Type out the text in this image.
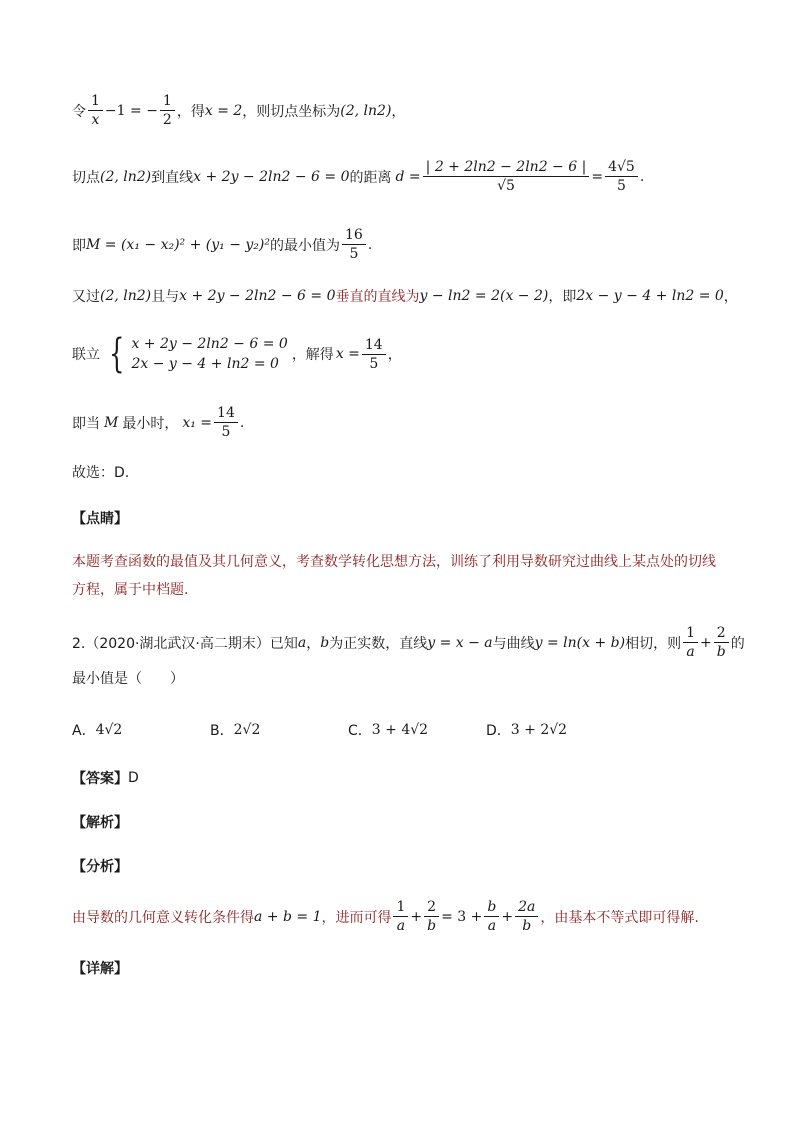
令 $\frac{1}{x} -1$ = − $\frac{1}{2}$ ，得 x = 2 ，则切点坐标为 (2, ln2) ，
切点 (2, ln2) 到直线 x + 2y − 2ln2 − 6 = 0 的距离 $d = \frac{| 2 + 2\ln 2 - 2\ln 2 - 6 |}{√5} = \frac{4√5}{5}$ .
即 M = (x₁ − x₂)² + (y₁ − y₂)² 的最小值为 $\frac{16}{5}$ .
又过 (2, ln2) 且与 x + 2y − 2ln2 − 6 = 0 垂直的直线为 y − ln2 = 2(x − 2) ，即 2x − y − 4 + ln2 = 0 ，
联立 { x + 2y − 2ln2 − 6 = 0
2x − y − 4 + ln2 = 0
，解得 $x = \frac{14}{5}$ ，
即当 M 最小时， $x_1 = \frac{14}{5}$ .
故选：D.
【点睛】
本题考查函数的最值及其几何意义，考查数学转化思想方法，训练了利用导数研究过曲线上某点处的切线方程，属于中档题.
2.（2020·湖北武汉·高二期末）已知 a ， b 为正实数，直线 y = x − a 与曲线 y = ln(x + b) 相切，则 $\frac{1}{a} + \frac{2}{b}$ 的
最小值是（　　）
A． 4√2	B． 2√2	C． 3 + 4√2	D． 3 + 2√2
【答案】 D
【解析】
【分析】
由导数的几何意义转化条件得 a + b = 1 ，进而可得 $\frac{1}{a} + \frac{2}{b} = 3 + \frac{b}{a} + \frac{2a}{b}$ ，由基本不等式即可得解.
【详解】
